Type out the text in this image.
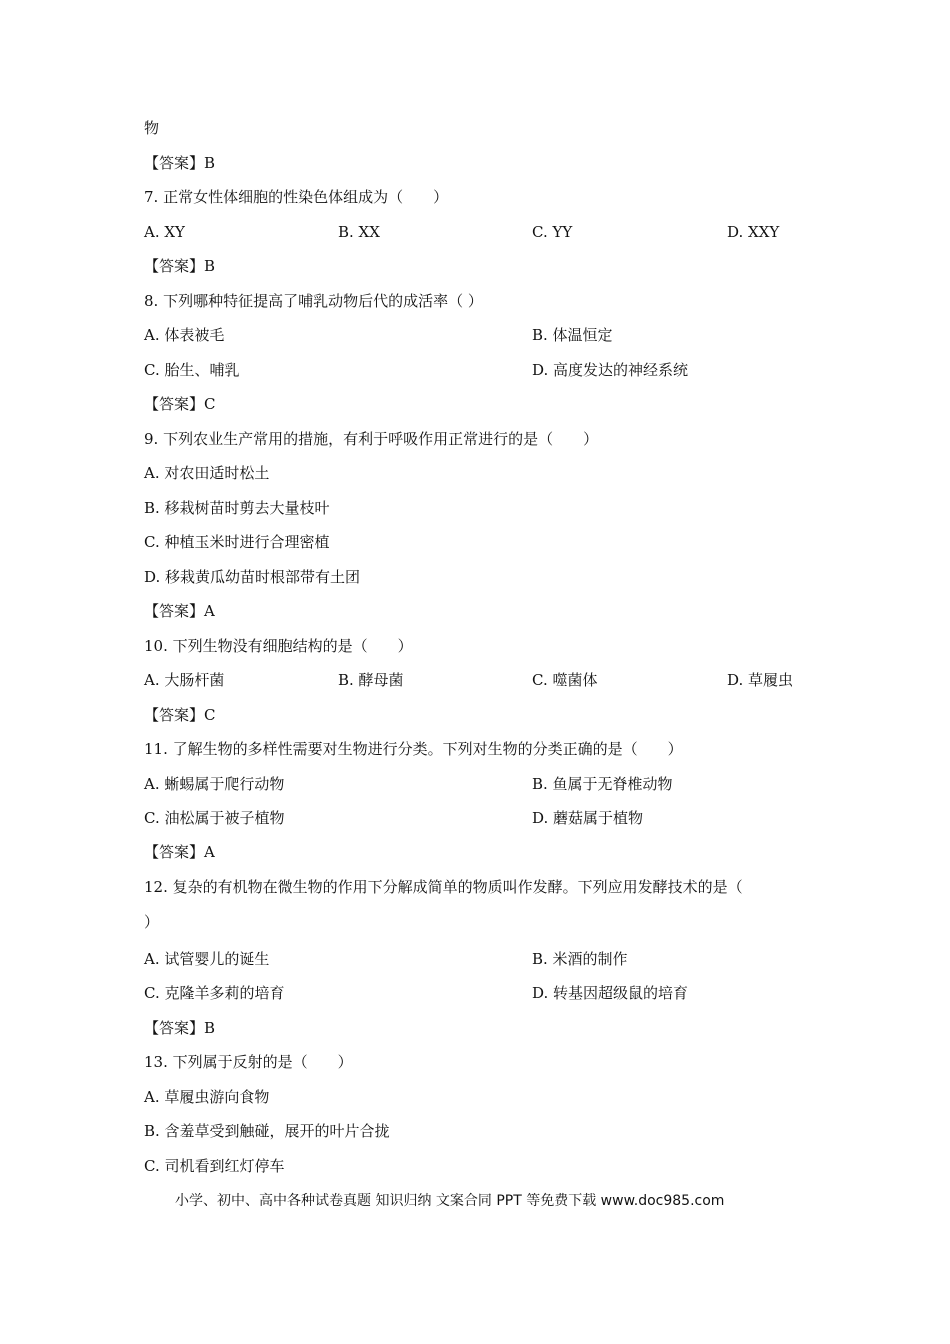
物
【答案】B
7. 正常女性体细胞的性染色体组成为（　　）
A. XY	B. XX	C. YY	D. XXY
【答案】B
8. 下列哪种特征提高了哺乳动物后代的成活率（ ）
A. 体表被毛	B. 体温恒定
C. 胎生、哺乳	D. 高度发达的神经系统
【答案】C
9. 下列农业生产常用的措施，有利于呼吸作用正常进行的是（　　）
A. 对农田适时松土
B. 移栽树苗时剪去大量枝叶
C. 种植玉米时进行合理密植
D. 移栽黄瓜幼苗时根部带有土团
【答案】A
10. 下列生物没有细胞结构的是（　　）
A. 大肠杆菌	B. 酵母菌	C. 噬菌体	D. 草履虫
【答案】C
11. 了解生物的多样性需要对生物进行分类。下列对生物的分类正确的是（　　）
A. 蜥蜴属于爬行动物	B. 鱼属于无脊椎动物
C. 油松属于被子植物	D. 蘑菇属于植物
【答案】A
12. 复杂的有机物在微生物的作用下分解成简单的物质叫作发酵。下列应用发酵技术的是（
）
A. 试管婴儿的诞生	B. 米酒的制作
C. 克隆羊多莉的培育	D. 转基因超级鼠的培育
【答案】B
13. 下列属于反射的是（　　）
A. 草履虫游向食物
B. 含羞草受到触碰，展开的叶片合拢
C. 司机看到红灯停车
小学、初中、高中各种试卷真题 知识归纳 文案合同 PPT 等免费下载 www.doc985.com
